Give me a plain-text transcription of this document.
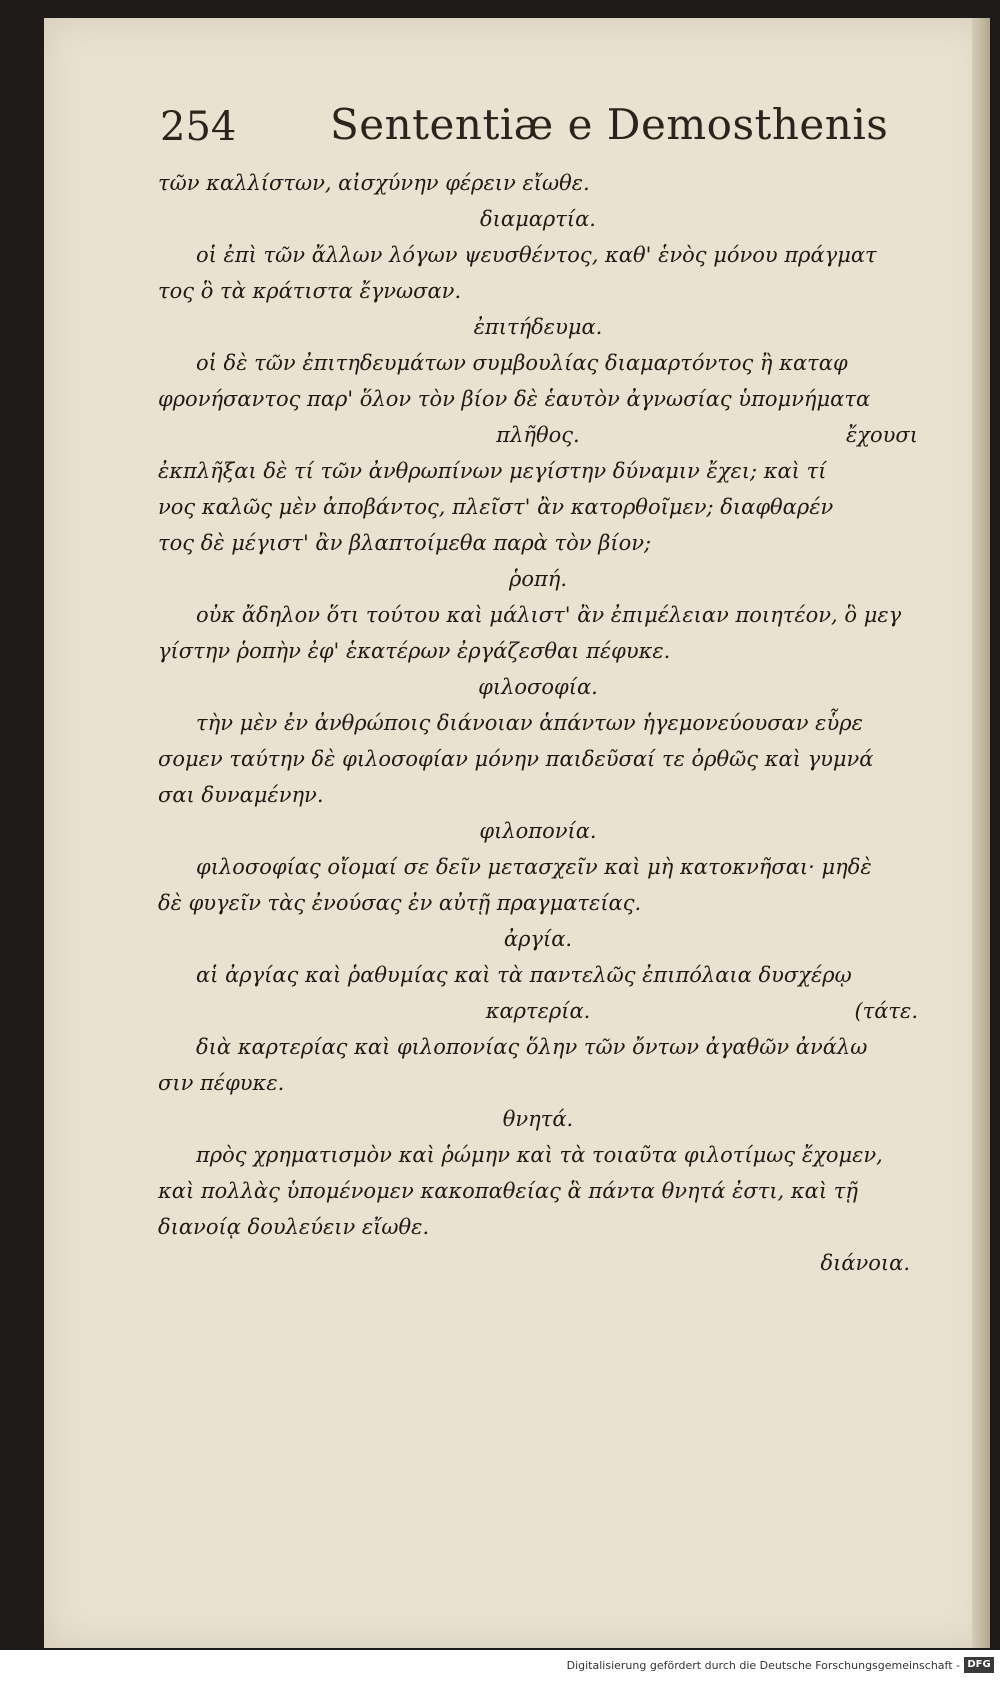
254 Sententiæ e Demosthenis
τῶν καλλίστων, αἰσχύνην φέρειν εἴωθε.
διαμαρτία.
οἱ ἐπὶ τῶν ἄλλων λόγων ψευσθέντος, καθ' ἑνὸς μόνου πράγματ
τος ὃ τὰ κράτιστα ἔγνωσαν.
ἐπιτήδευμα.
οἱ δὲ τῶν ἐπιτηδευμάτων συμβουλίας διαμαρτόντος ἢ καταφ
φρονήσαντος παρ' ὅλον τὸν βίον δὲ ἑαυτὸν ἀγνωσίας ὑπομνήματα
πλῆθος.	ἔχουσι
ἐκπλῆξαι δὲ τί τῶν ἀνθρωπίνων μεγίστην δύναμιν ἔχει; καὶ τί
νος καλῶς μὲν ἀποβάντος, πλεῖστ' ἂν κατορθοῖμεν; διαφθαρέν
τος δὲ μέγιστ' ἂν βλαπτοίμεθα παρὰ τὸν βίον;
ῥοπή.
οὐκ ἄδηλον ὅτι τούτου καὶ μάλιστ' ἂν ἐπιμέλειαν ποιητέον, ὃ μεγ
γίστην ῥοπὴν ἐφ' ἑκατέρων ἐργάζεσθαι πέφυκε.
φιλοσοφία.
τὴν μὲν ἐν ἀνθρώποις διάνοιαν ἁπάντων ἡγεμονεύουσαν εὗρε
σομεν ταύτην δὲ φιλοσοφίαν μόνην παιδεῦσαί τε ὀρθῶς καὶ γυμνά
σαι δυναμένην.
φιλοπονία.
φιλοσοφίας οἴομαί σε δεῖν μετασχεῖν καὶ μὴ κατοκνῆσαι· μηδὲ
δὲ φυγεῖν τὰς ἐνούσας ἐν αὐτῇ πραγματείας.
ἀργία.
αἱ ἀργίας καὶ ῥαθυμίας καὶ τὰ παντελῶς ἐπιπόλαια δυσχέρῳ
καρτερία.	(τάτε.
διὰ καρτερίας καὶ φιλοπονίας ὅλην τῶν ὄντων ἀγαθῶν ἀνάλω
σιν πέφυκε.
θνητά.
πρὸς χρηματισμὸν καὶ ῥώμην καὶ τὰ τοιαῦτα φιλοτίμως ἔχομεν,
καὶ πολλὰς ὑπομένομεν κακοπαθείας ἃ πάντα θνητά ἐστι, καὶ τῇ
διανοίᾳ δουλεύειν εἴωθε.
διάνοια.
Digitalisierung gefördert durch die Deutsche Forschungsgemeinschaft - DFG
